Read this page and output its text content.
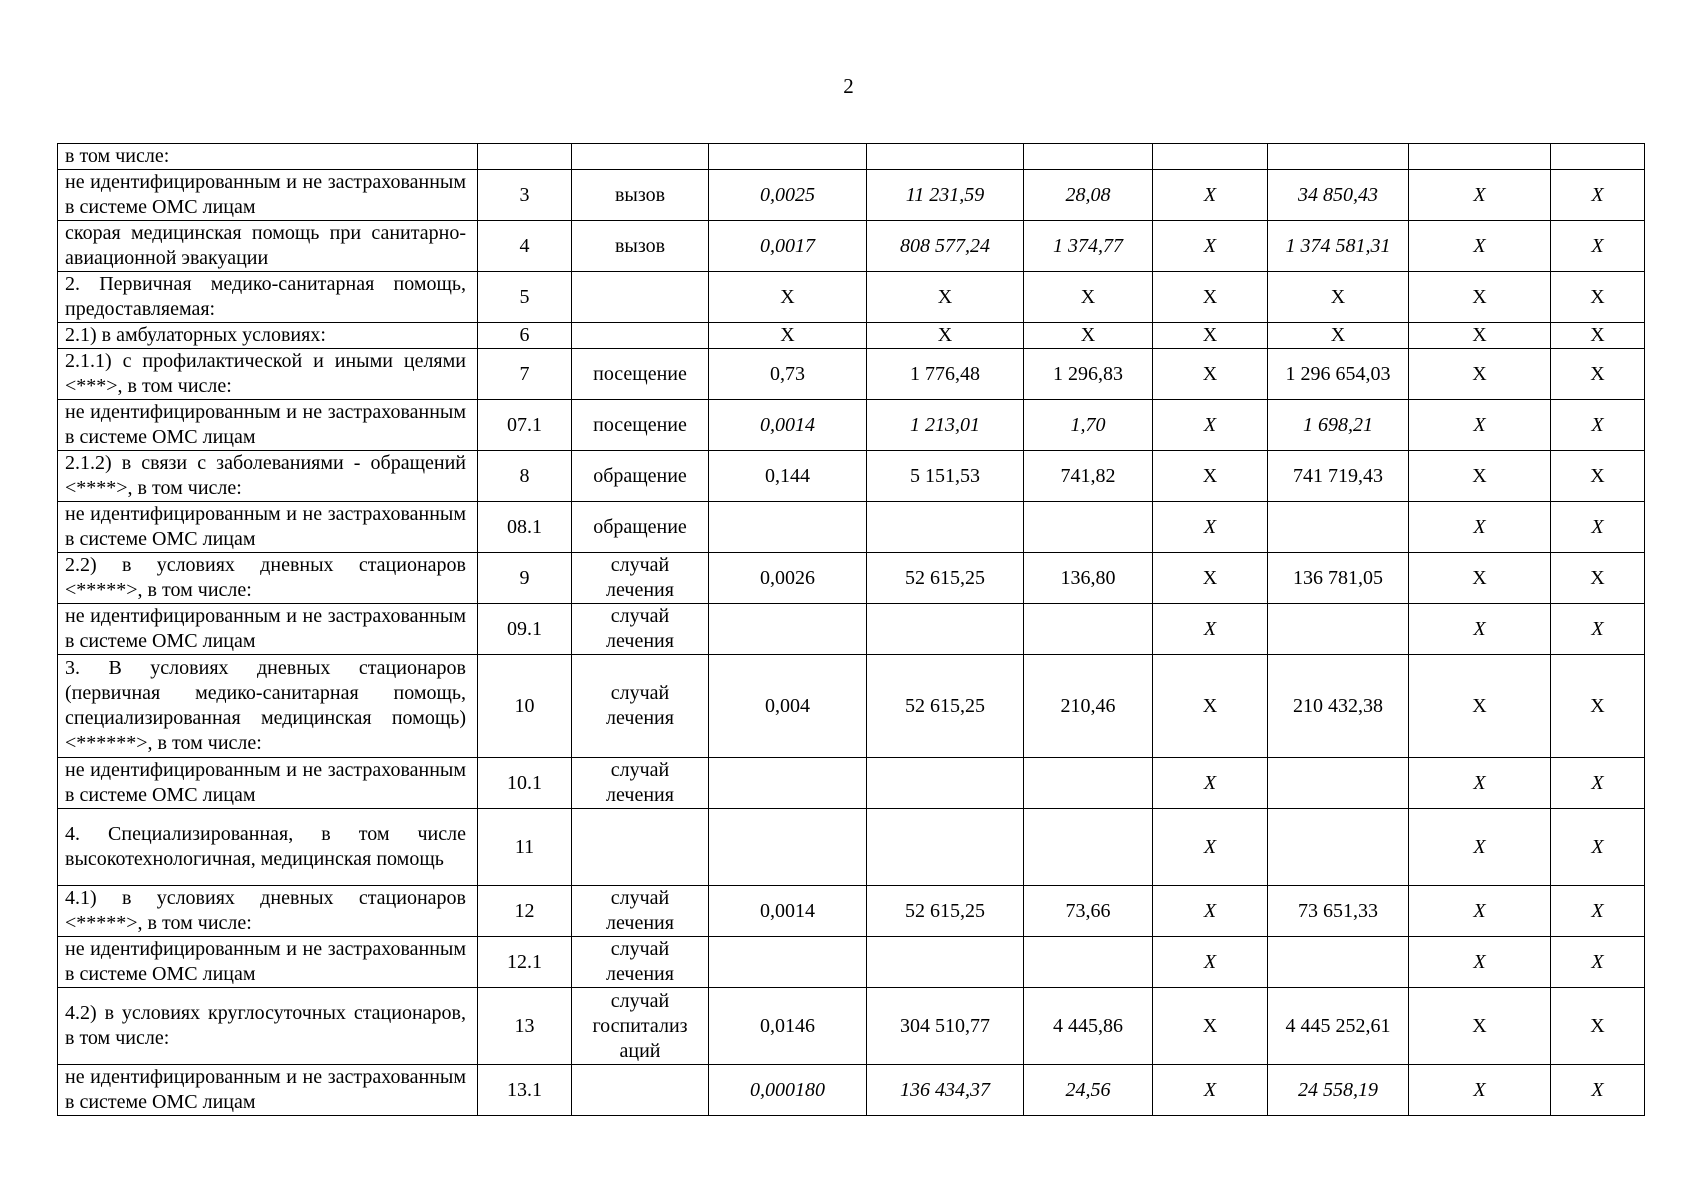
2
в том числе:									
не идентифицированным и не застрахованным в системе ОМС лицам	3	вызов	0,0025	11 231,59	28,08	X	34 850,43	X	X
скорая медицинская помощь при санитарно-авиационной эвакуации	4	вызов	0,0017	808 577,24	1 374,77	X	1 374 581,31	X	X
2. Первичная медико-санитарная помощь, предоставляемая:	5		X	X	X	X	X	X	X
2.1) в амбулаторных условиях:	6		X	X	X	X	X	X	X
2.1.1) с профилактической и иными целями <***>, в том числе:	7	посещение	0,73	1 776,48	1 296,83	X	1 296 654,03	X	X
не идентифицированным и не застрахованным в системе ОМС лицам	07.1	посещение	0,0014	1 213,01	1,70	X	1 698,21	X	X
2.1.2) в связи с заболеваниями - обращений <****>, в том числе:	8	обращение	0,144	5 151,53	741,82	X	741 719,43	X	X
не идентифицированным и не застрахованным в системе ОМС лицам	08.1	обращение				X		X	X
2.2) в условиях дневных стационаров <*****>, в том числе:	9	случай лечения	0,0026	52 615,25	136,80	X	136 781,05	X	X
не идентифицированным и не застрахованным в системе ОМС лицам	09.1	случай лечения				X		X	X
3. В условиях дневных стационаров (первичная медико-санитарная помощь, специализированная медицинская помощь) <******>, в том числе:	10	случай лечения	0,004	52 615,25	210,46	X	210 432,38	X	X
не идентифицированным и не застрахованным в системе ОМС лицам	10.1	случай лечения				X		X	X
4. Специализированная, в том числе высокотехнологичная, медицинская помощь	11					X		X	X
4.1) в условиях дневных стационаров <*****>, в том числе:	12	случай лечения	0,0014	52 615,25	73,66	X	73 651,33	X	X
не идентифицированным и не застрахованным в системе ОМС лицам	12.1	случай лечения				X		X	X
4.2) в условиях круглосуточных стационаров, в том числе:	13	случай госпитализ аций	0,0146	304 510,77	4 445,86	X	4 445 252,61	X	X
не идентифицированным и не застрахованным в системе ОМС лицам	13.1		0,000180	136 434,37	24,56	X	24 558,19	X	X
